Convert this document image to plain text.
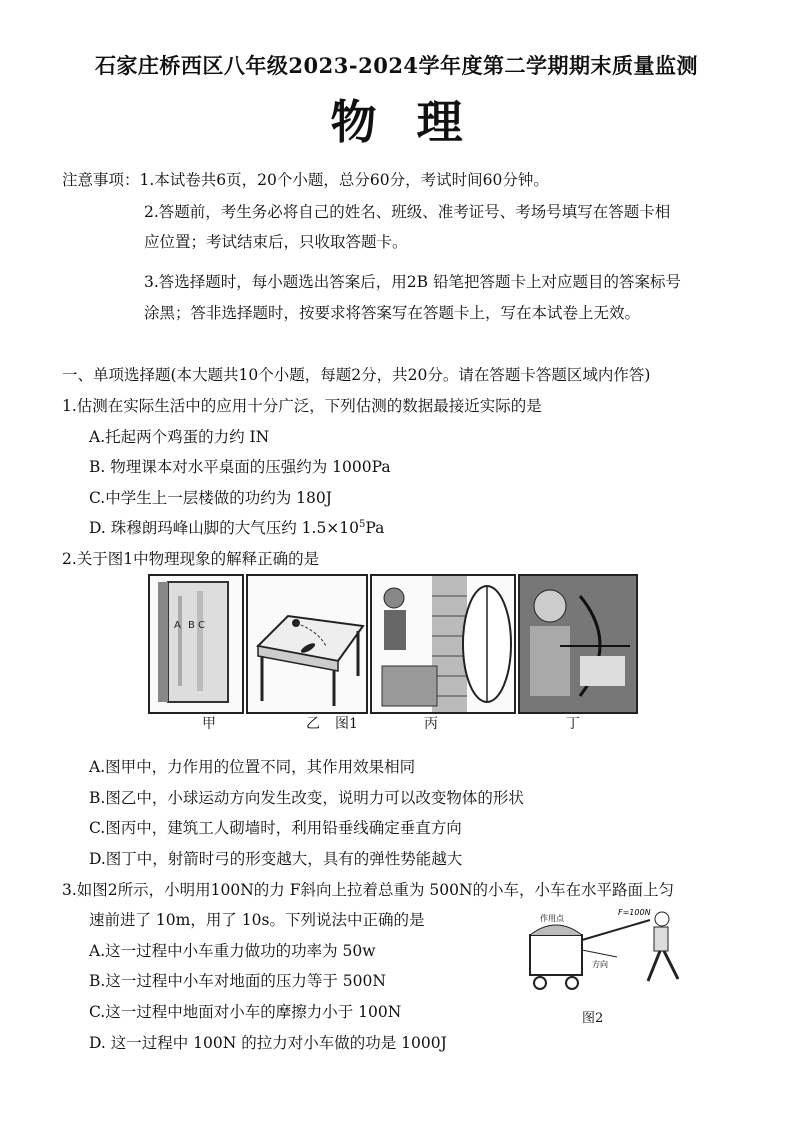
石家庄桥西区八年级2023-2024学年度第二学期期末质量监测
物理
注意事项：1.本试卷共6页，20个小题，总分60分，考试时间60分钟。
2.答题前，考生务必将自己的姓名、班级、准考证号、考场号填写在答题卡相
应位置；考试结束后，只收取答题卡。
3.答选择题时，每小题选出答案后，用2B 铅笔把答题卡上对应题目的答案标号
涂黑；答非选择题时，按要求将答案写在答题卡上，写在本试卷上无效。
一、单项选择题(本大题共10个小题，每题2分，共20分。请在答题卡答题区域内作答)
1.估测在实际生活中的应用十分广泛，下列估测的数据最接近实际的是
A.托起两个鸡蛋的力约 IN
B. 物理课本对水平桌面的压强约为 1000Pa
C.中学生上一层楼做的功约为 180J
D. 珠穆朗玛峰山脚的大气压约 $1.5\times 10^5Pa$
2.关于图1中物理现象的解释正确的是
A B C
甲	乙 图1	丙	丁
A.图甲中，力作用的位置不同，其作用效果相同
B.图乙中，小球运动方向发生改变，说明力可以改变物体的形状
C.图丙中，建筑工人砌墙时，利用铅垂线确定垂直方向
D.图丁中，射箭时弓的形变越大，具有的弹性势能越大
3.如图2所示，小明用100N的力 F斜向上拉着总重为 500N的小车，小车在水平路面上匀
速前进了 10m，用了 10s。下列说法中正确的是
A.这一过程中小车重力做功的功率为 50w
B.这一过程中小车对地面的压力等于 500N
C.这一过程中地面对小车的摩擦力小于 100N
D. 这一过程中 100N 的拉力对小车做的功是 1000J
作用点
F=100N
方向
图2
